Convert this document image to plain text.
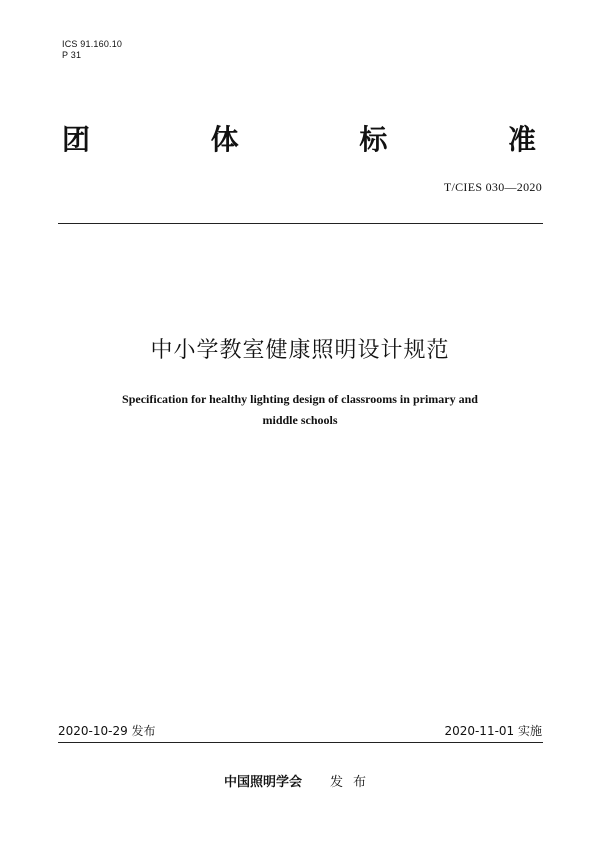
ICS 91.160.10
P 31
团	体	标	准
T/CIES 030—2020
中小学教室健康照明设计规范
Specification for healthy lighting design of classrooms in primary and
middle schools
2020-10-29 发布	2020-11-01 实施
中国照明学会 发布
